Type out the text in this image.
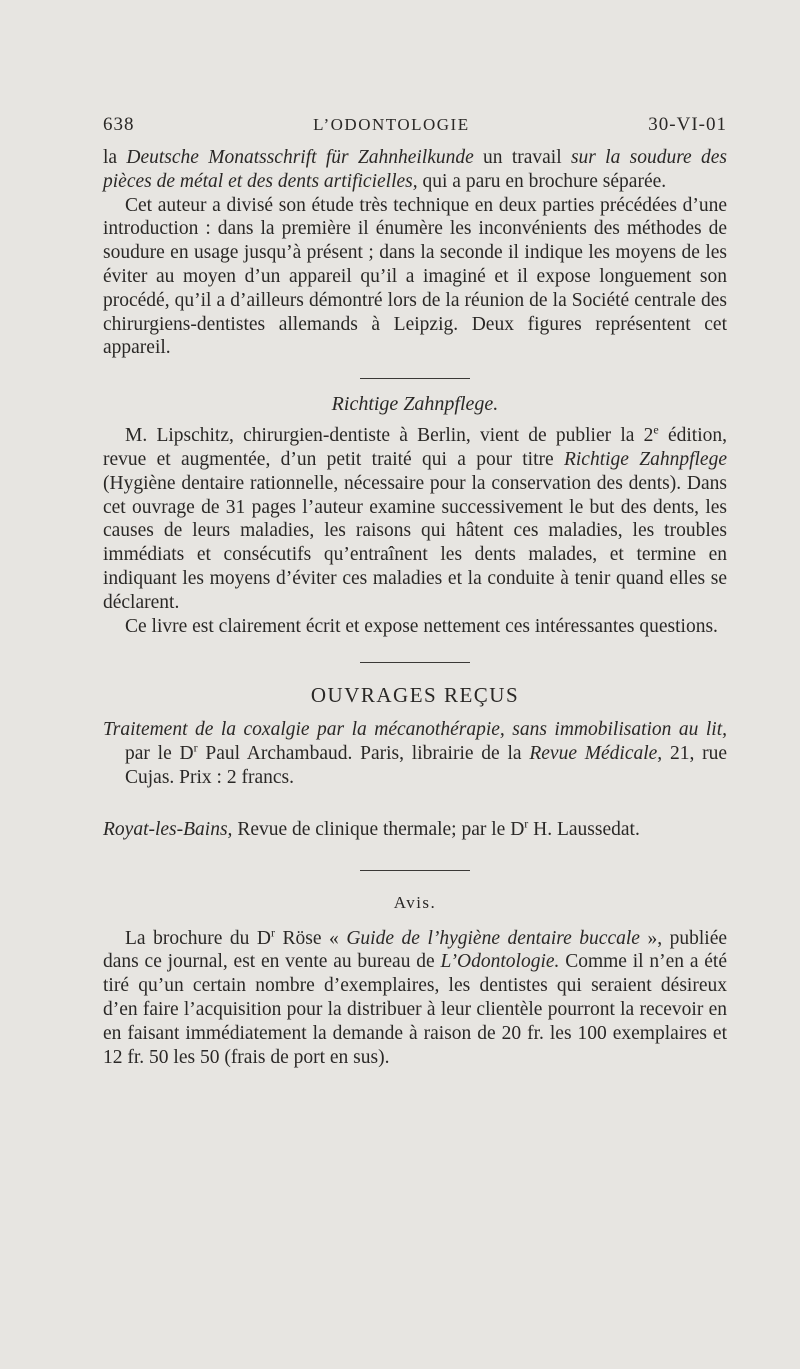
638	L’ODONTOLOGIE	30-VI-01

la Deutsche Monatsschrift für Zahnheilkunde un travail sur la soudure des pièces de métal et des dents artificielles, qui a paru en brochure séparée.

Cet auteur a divisé son étude très technique en deux parties précédées d’une introduction : dans la première il énumère les inconvénients des méthodes de soudure en usage jusqu’à présent ; dans la seconde il indique les moyens de les éviter au moyen d’un appareil qu’il a imaginé et il expose longuement son procédé, qu’il a d’ailleurs démontré lors de la réunion de la Société centrale des chirurgiens-dentistes allemands à Leipzig. Deux figures représentent cet appareil.

Richtige Zahnpflege.

M. Lipschitz, chirurgien-dentiste à Berlin, vient de publier la 2e édition, revue et augmentée, d’un petit traité qui a pour titre Richtige Zahnpflege (Hygiène dentaire rationnelle, nécessaire pour la conservation des dents). Dans cet ouvrage de 31 pages l’auteur examine successivement le but des dents, les causes de leurs maladies, les raisons qui hâtent ces maladies, les troubles immédiats et consécutifs qu’entraînent les dents malades, et termine en indiquant les moyens d’éviter ces maladies et la conduite à tenir quand elles se déclarent.

Ce livre est clairement écrit et expose nettement ces intéressantes questions.

OUVRAGES REÇUS

Traitement de la coxalgie par la mécanothérapie, sans immobilisation au lit, par le $D^r$ Paul Archambaud. Paris, librairie de la Revue Médicale, 21, rue Cujas. Prix : 2 francs.

Royat-les-Bains, Revue de clinique thermale; par le $D^r$ H. Laussedat.

Avis.

La brochure du $D^r$ Röse « Guide de l’hygiène dentaire buccale », publiée dans ce journal, est en vente au bureau de L’Odontologie. Comme il n’en a été tiré qu’un certain nombre d’exemplaires, les dentistes qui seraient désireux d’en faire l’acquisition pour la distribuer à leur clientèle pourront la recevoir en en faisant immédiatement la demande à raison de 20 fr. les 100 exemplaires et 12 fr. 50 les 50 (frais de port en sus).
